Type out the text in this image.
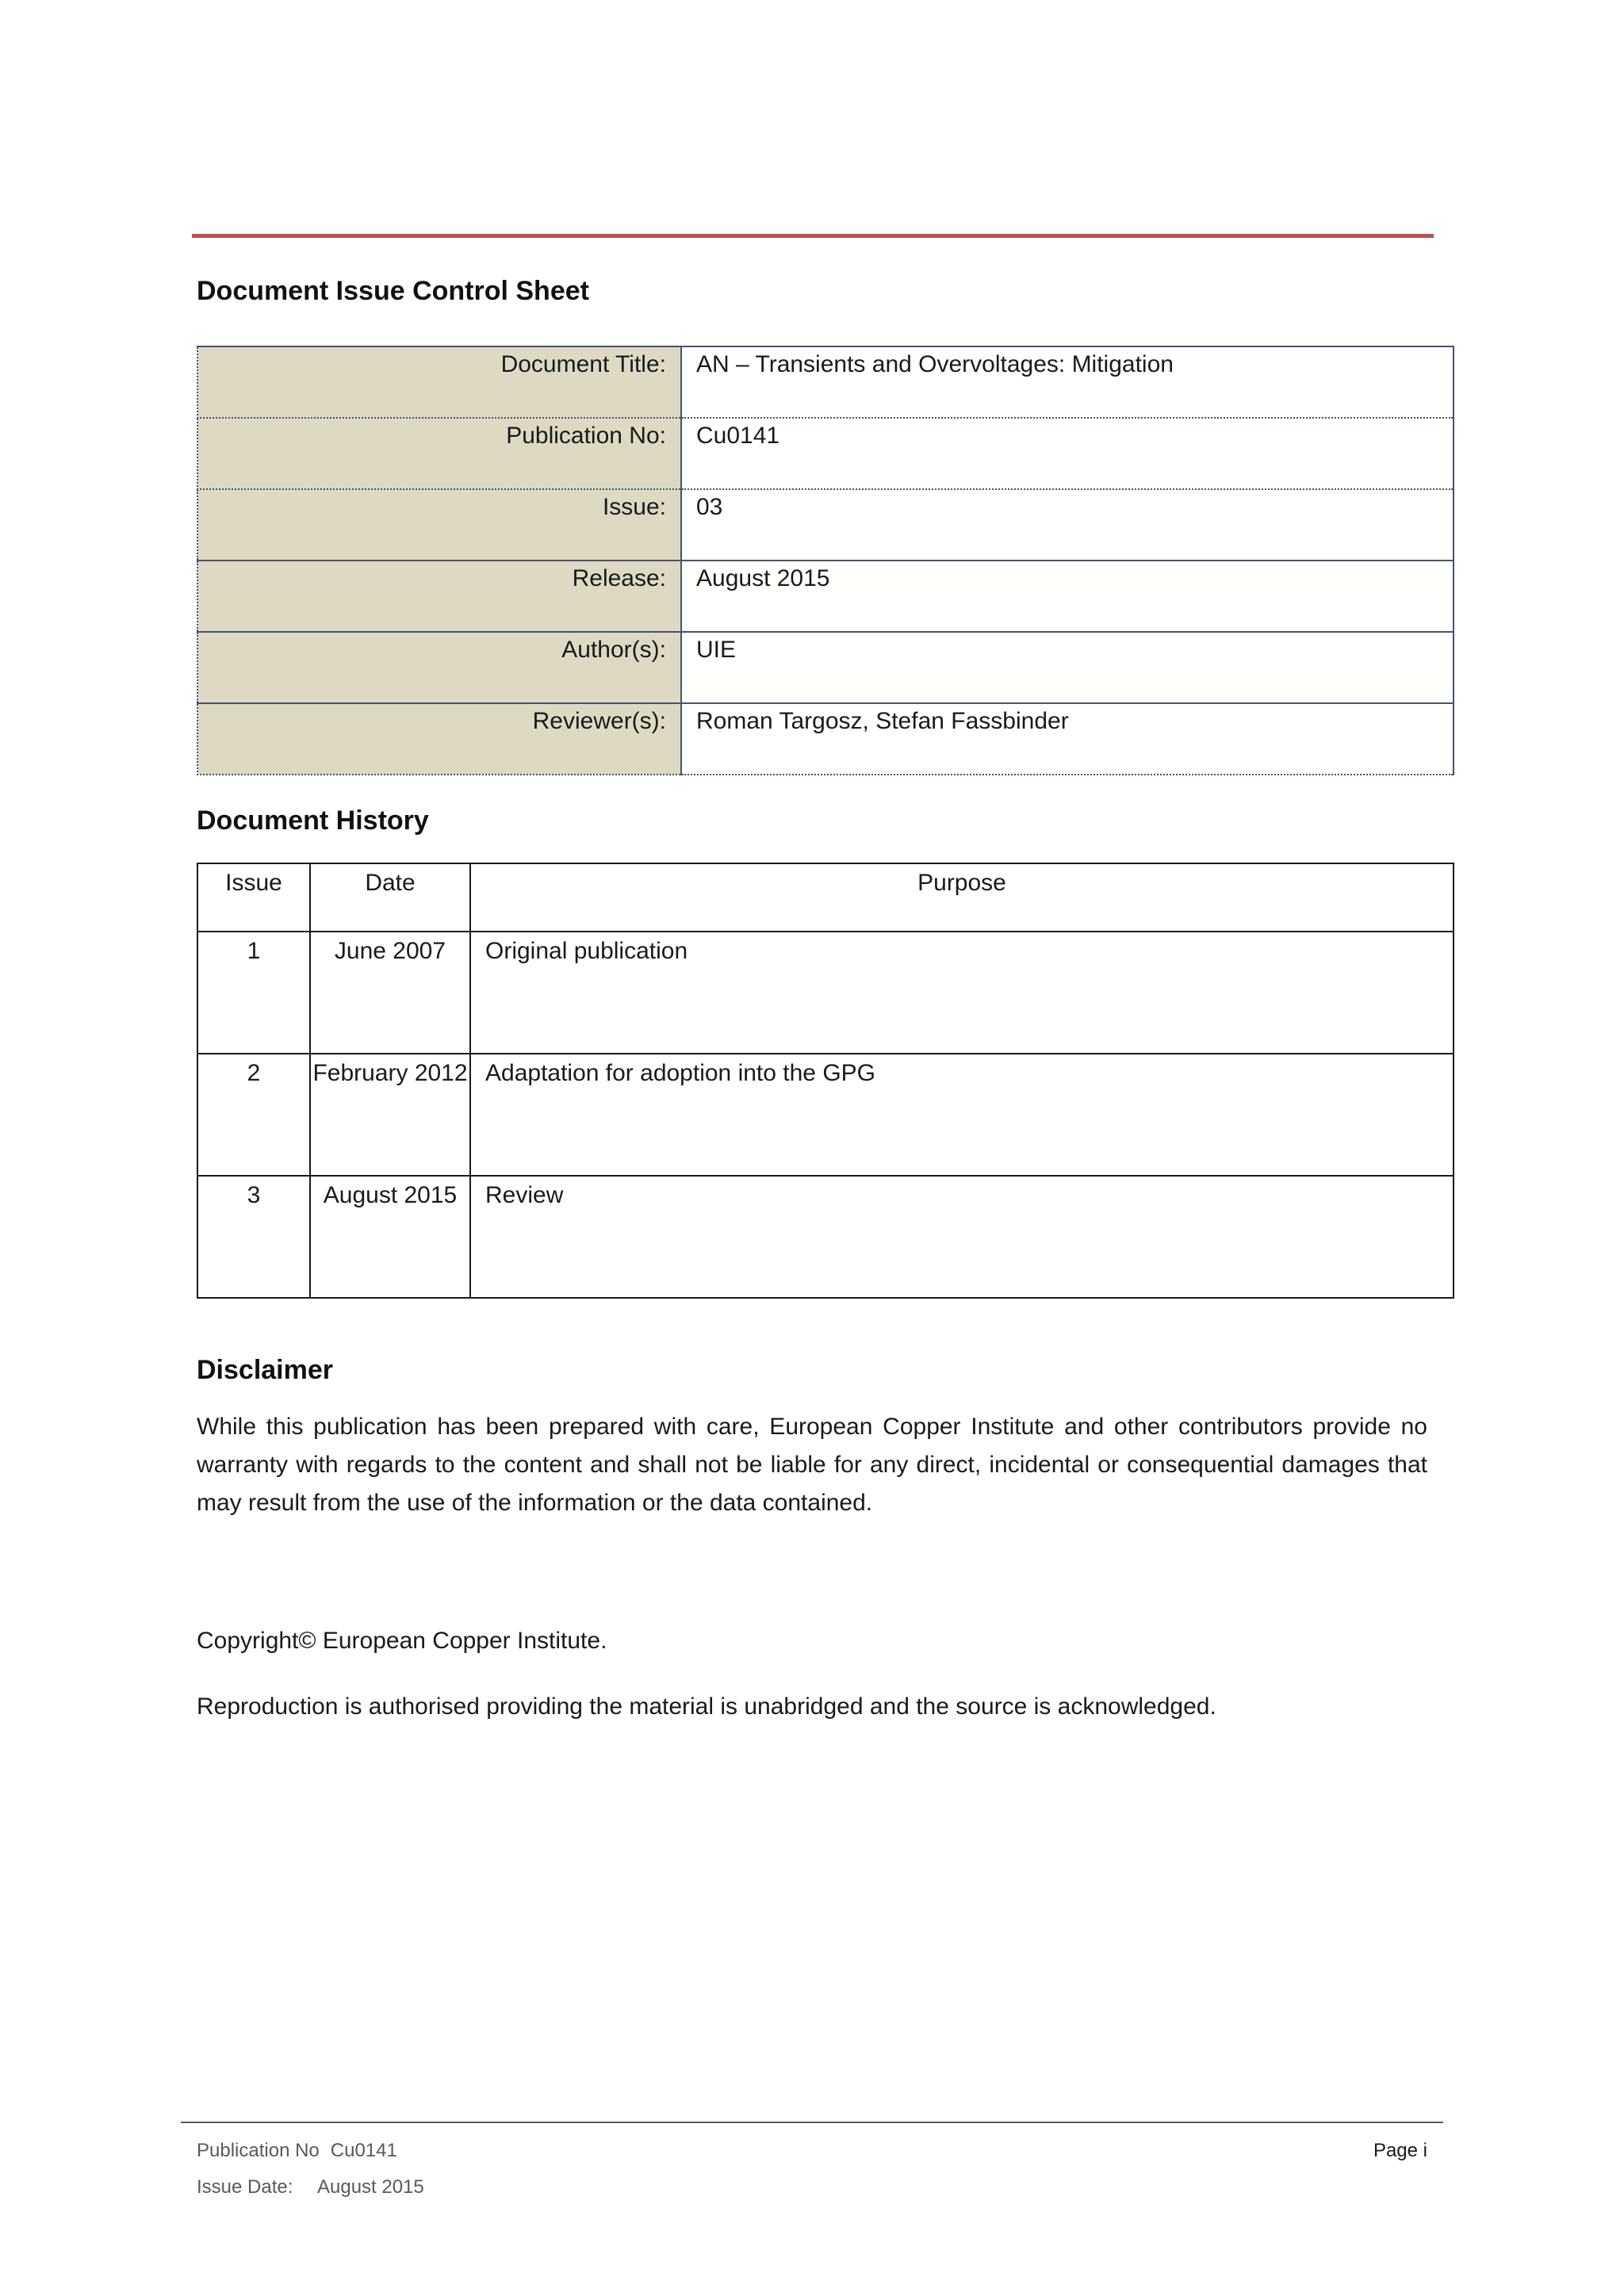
Document Issue Control Sheet
Document Title:	AN – Transients and Overvoltages: Mitigation
Publication No:	Cu0141
Issue:	03
Release:	August 2015
Author(s):	UIE
Reviewer(s):	Roman Targosz, Stefan Fassbinder
Document History
Issue	Date	Purpose
1	June 2007	Original publication
2	February 2012	Adaptation for adoption into the GPG
3	August 2015	Review
Disclaimer

While this publication has been prepared with care, European Copper Institute and other contributors provide no warranty with regards to the content and shall not be liable for any direct, incidental or consequential damages that may result from the use of the information or the data contained.

Copyright© European Copper Institute.

Reproduction is authorised providing the material is unabridged and the source is acknowledged.

Publication No Cu0141
Issue Date: August 2015
Page i
